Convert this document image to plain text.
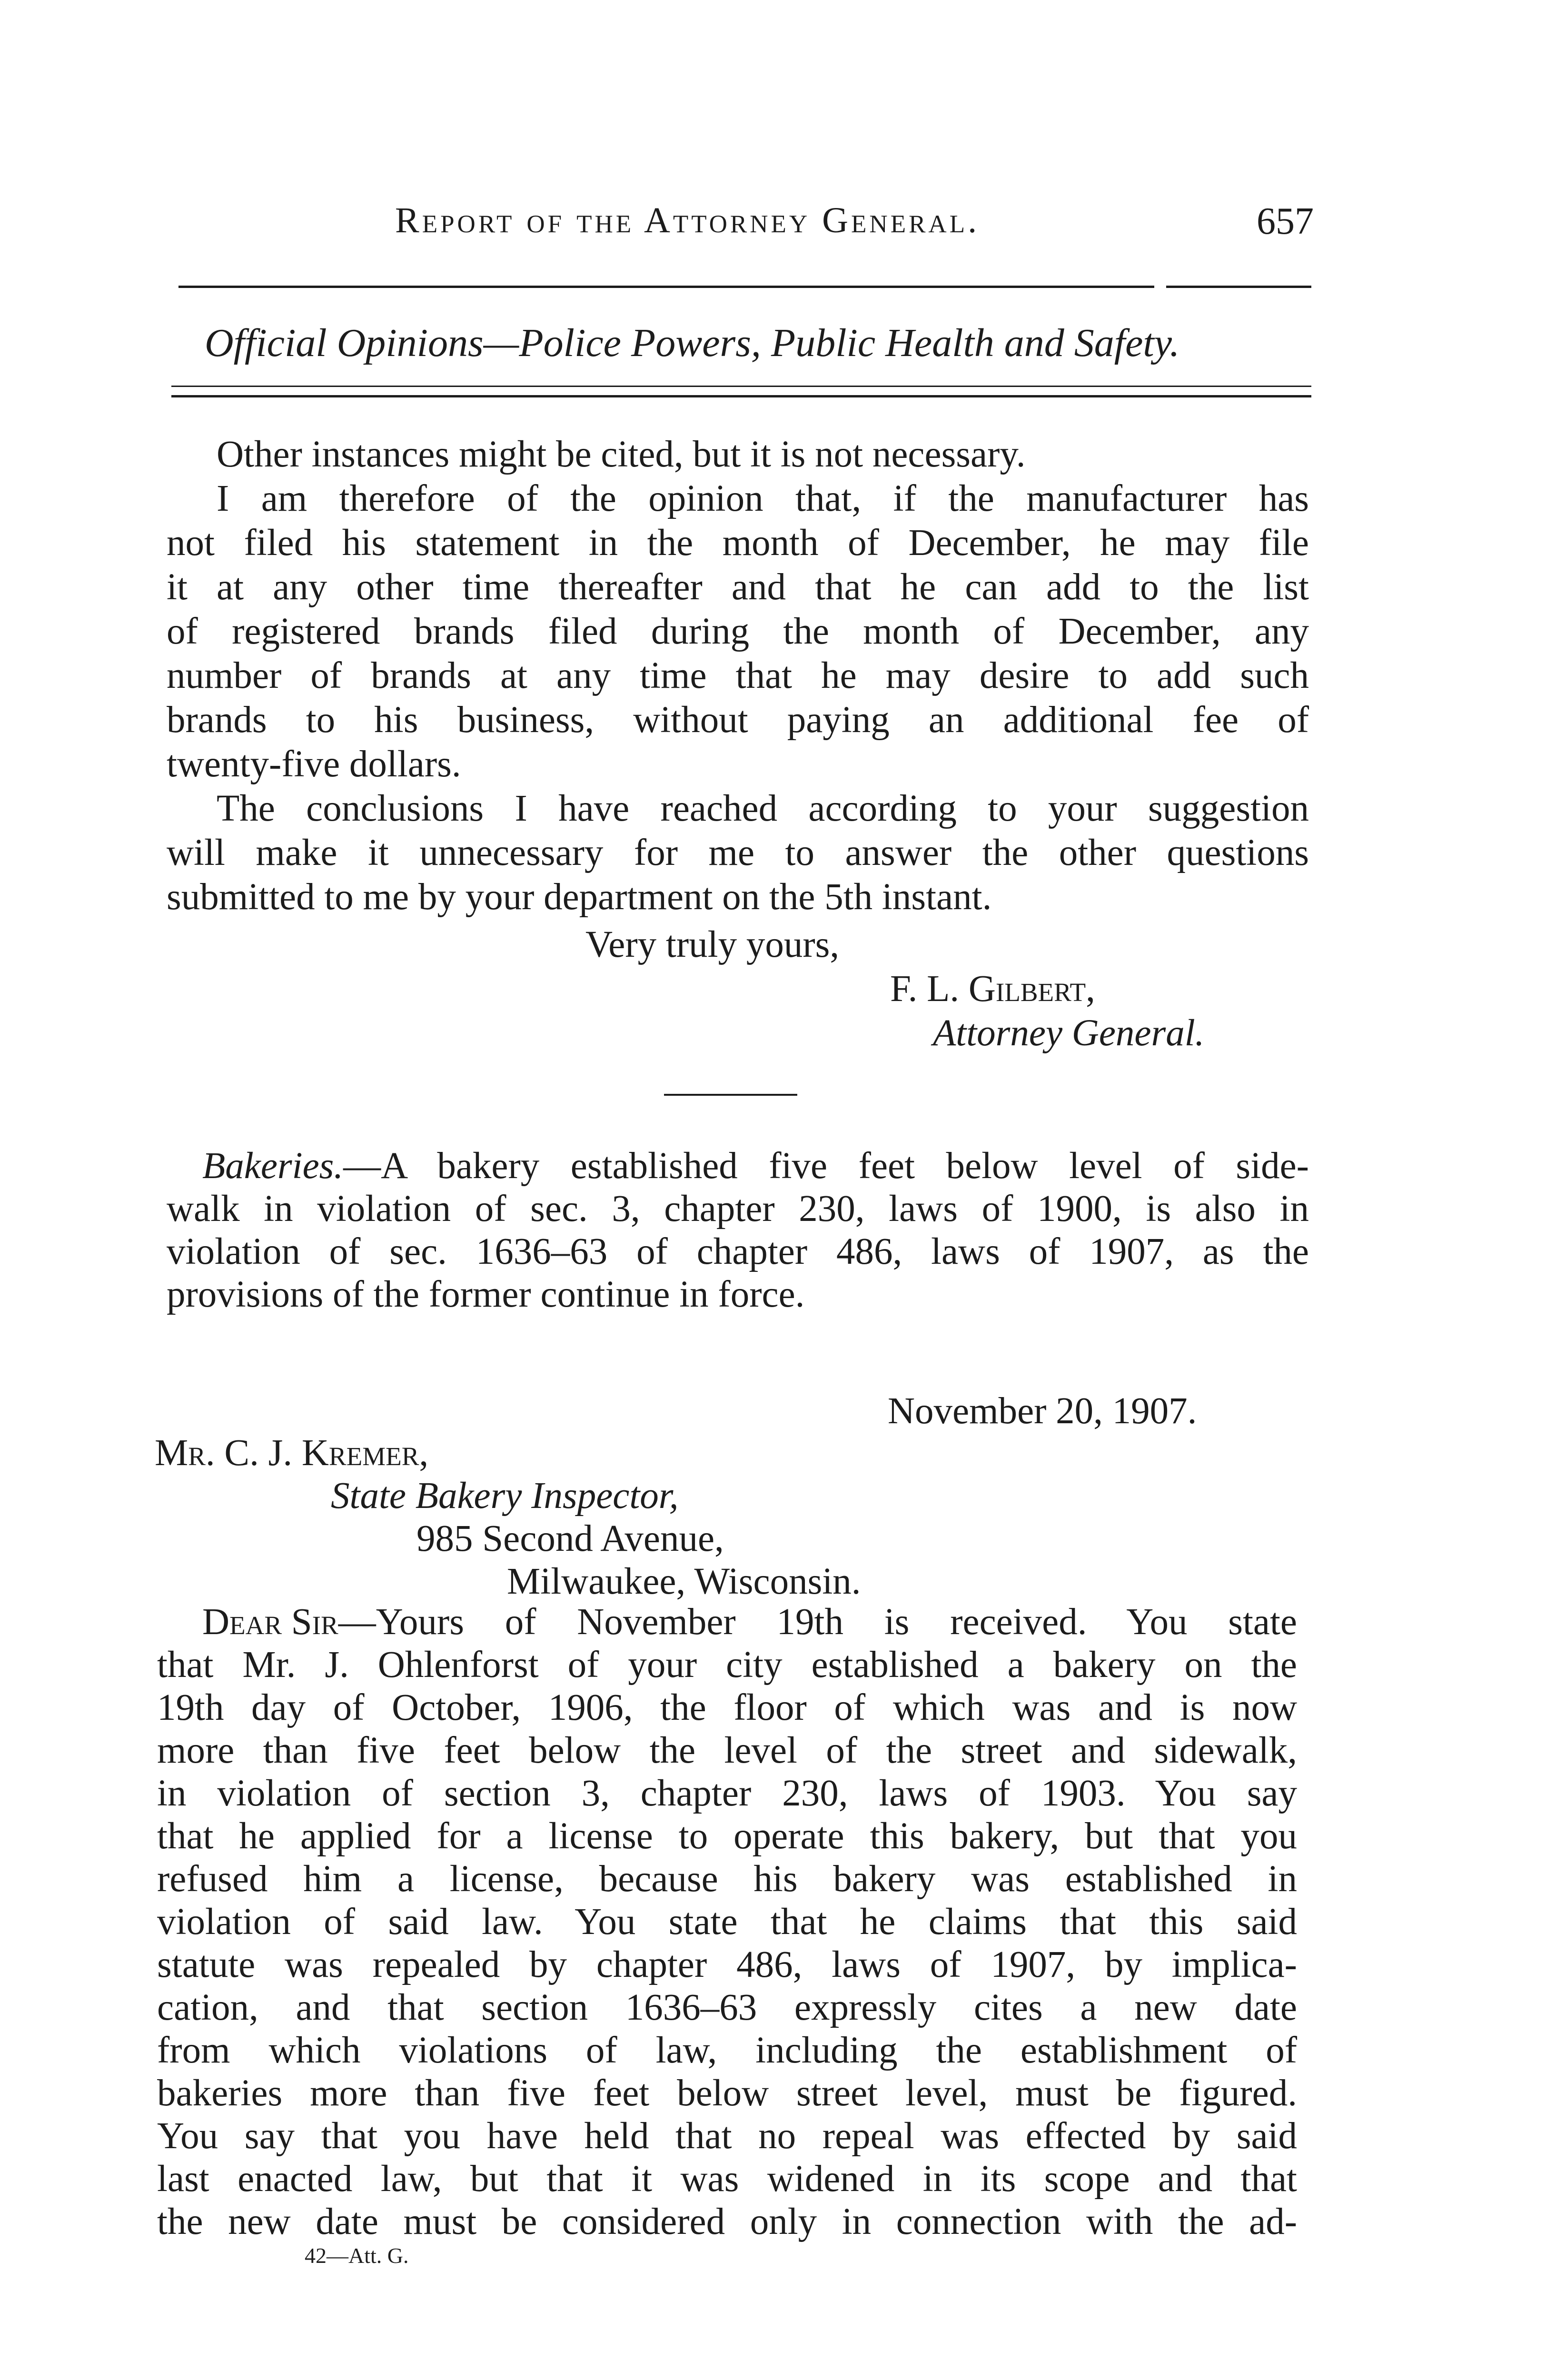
Report of the Attorney General.	657
Official Opinions—Police Powers, Public Health and Safety.
Other instances might be cited, but it is not necessary.
I am therefore of the opinion that, if the manufacturer has
not filed his statement in the month of December, he may file
it at any other time thereafter and that he can add to the list
of registered brands filed during the month of December, any
number of brands at any time that he may desire to add such
brands to his business, without paying an additional fee of
twenty-five dollars.
The conclusions I have reached according to your suggestion
will make it unnecessary for me to answer the other questions
submitted to me by your department on the 5th instant.
Very truly yours,
F. L. Gilbert,
Attorney General.
Bakeries. —A bakery established five feet below level of side-
walk in violation of sec. 3, chapter 230, laws of 1900, is also in
violation of sec. 1636–63 of chapter 486, laws of 1907, as the
provisions of the former continue in force.
November 20, 1907.
Mr. C. J. Kremer,
State Bakery Inspector,
985 Second Avenue,
Milwaukee, Wisconsin.
Dear Sir —Yours of November 19th is received. You state
that Mr. J. Ohlenforst of your city established a bakery on the
19th day of October, 1906, the floor of which was and is now
more than five feet below the level of the street and sidewalk,
in violation of section 3, chapter 230, laws of 1903. You say
that he applied for a license to operate this bakery, but that you
refused him a license, because his bakery was established in
violation of said law. You state that he claims that this said
statute was repealed by chapter 486, laws of 1907, by implica-
cation, and that section 1636–63 expressly cites a new date
from which violations of law, including the establishment of
bakeries more than five feet below street level, must be figured.
You say that you have held that no repeal was effected by said
last enacted law, but that it was widened in its scope and that
the new date must be considered only in connection with the ad-
42—Att. G.
